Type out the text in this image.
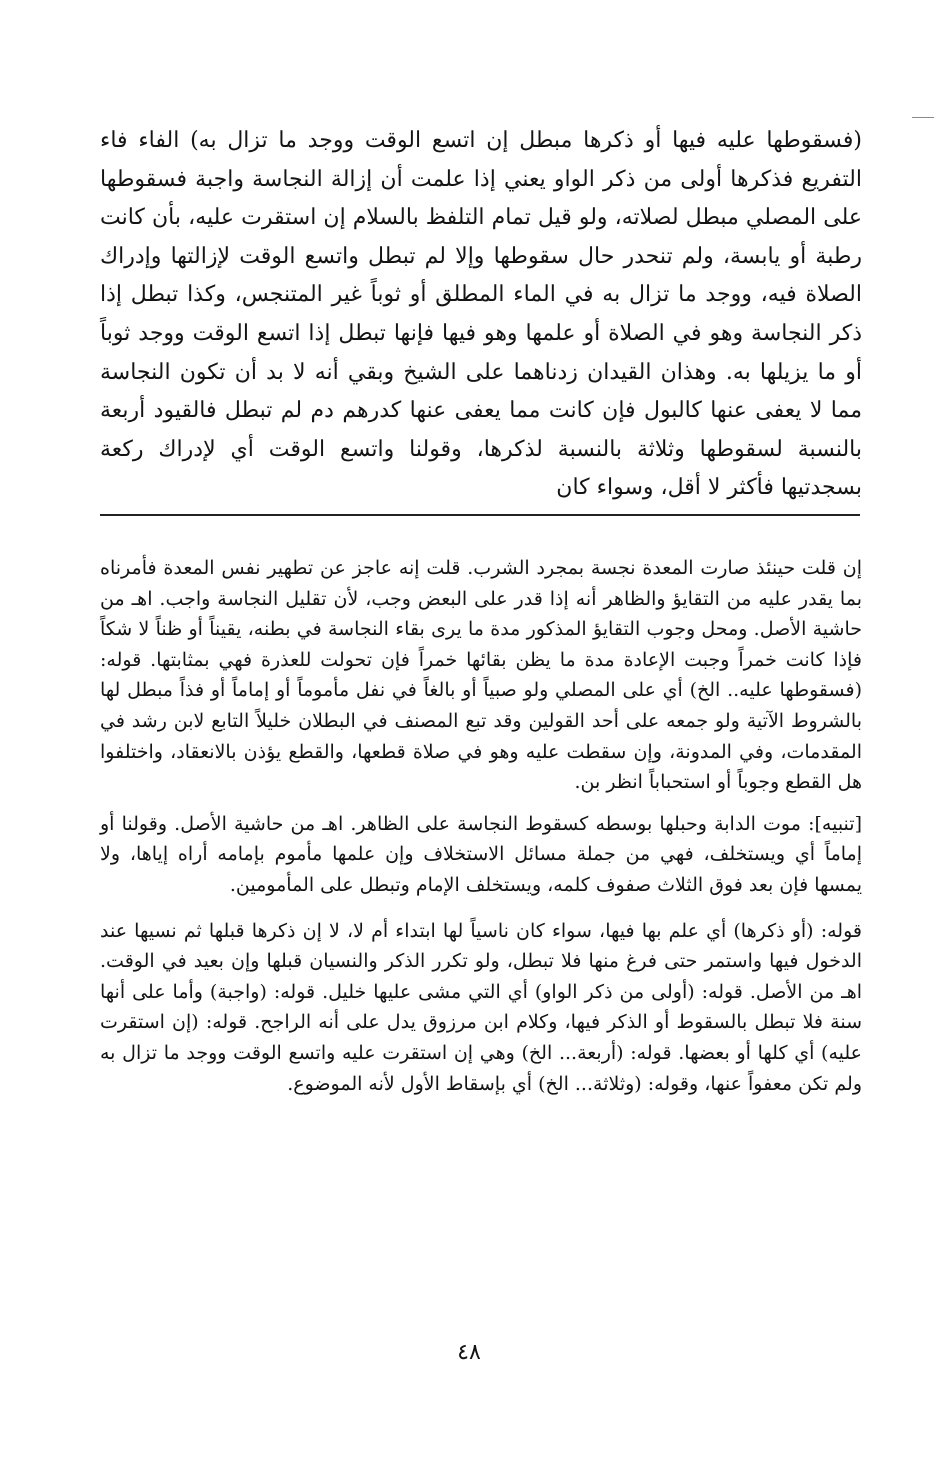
(فسقوطها عليه فيها أو ذكرها مبطل إن اتسع الوقت ووجد ما تزال به) الفاء فاء التفريع فذكرها أولى من ذكر الواو يعني إذا علمت أن إزالة النجاسة واجبة فسقوطها على المصلي مبطل لصلاته، ولو قيل تمام التلفظ بالسلام إن استقرت عليه، بأن كانت رطبة أو يابسة، ولم تنحدر حال سقوطها وإلا لم تبطل واتسع الوقت لإزالتها وإدراك الصلاة فيه، ووجد ما تزال به في الماء المطلق أو ثوباً غير المتنجس، وكذا تبطل إذا ذكر النجاسة وهو في الصلاة أو علمها وهو فيها فإنها تبطل إذا اتسع الوقت ووجد ثوباً أو ما يزيلها به. وهذان القيدان زدناهما على الشيخ وبقي أنه لا بد أن تكون النجاسة مما لا يعفى عنها كالبول فإن كانت مما يعفى عنها كدرهم دم لم تبطل فالقيود أربعة بالنسبة لسقوطها وثلاثة بالنسبة لذكرها، وقولنا واتسع الوقت أي لإدراك ركعة بسجدتيها فأكثر لا أقل، وسواء كان

إن قلت حينئذ صارت المعدة نجسة بمجرد الشرب. قلت إنه عاجز عن تطهير نفس المعدة فأمرناه بما يقدر عليه من التقايؤ والظاهر أنه إذا قدر على البعض وجب، لأن تقليل النجاسة واجب. اهـ من حاشية الأصل. ومحل وجوب التقايؤ المذكور مدة ما يرى بقاء النجاسة في بطنه، يقيناً أو ظناً لا شكاً فإذا كانت خمراً وجبت الإعادة مدة ما يظن بقائها خمراً فإن تحولت للعذرة فهي بمثابتها. قوله: (فسقوطها عليه.. الخ) أي على المصلي ولو صبياً أو بالغاً في نفل مأموماً أو إماماً أو فذاً مبطل لها بالشروط الآتية ولو جمعه على أحد القولين وقد تبع المصنف في البطلان خليلاً التابع لابن رشد في المقدمات، وفي المدونة، وإن سقطت عليه وهو في صلاة قطعها، والقطع يؤذن بالانعقاد، واختلفوا هل القطع وجوباً أو استحباباً انظر بن.

[تنبيه]: موت الدابة وحبلها بوسطه كسقوط النجاسة على الظاهر. اهـ من حاشية الأصل. وقولنا أو إماماً أي ويستخلف، فهي من جملة مسائل الاستخلاف وإن علمها مأموم بإمامه أراه إياها، ولا يمسها فإن بعد فوق الثلاث صفوف كلمه، ويستخلف الإمام وتبطل على المأمومين.

قوله: (أو ذكرها) أي علم بها فيها، سواء كان ناسياً لها ابتداء أم لا، لا إن ذكرها قبلها ثم نسيها عند الدخول فيها واستمر حتى فرغ منها فلا تبطل، ولو تكرر الذكر والنسيان قبلها وإن بعيد في الوقت. اهـ من الأصل. قوله: (أولى من ذكر الواو) أي التي مشى عليها خليل. قوله: (واجبة) وأما على أنها سنة فلا تبطل بالسقوط أو الذكر فيها، وكلام ابن مرزوق يدل على أنه الراجح. قوله: (إن استقرت عليه) أي كلها أو بعضها. قوله: (أربعة... الخ) وهي إن استقرت عليه واتسع الوقت ووجد ما تزال به ولم تكن معفواً عنها، وقوله: (وثلاثة... الخ) أي بإسقاط الأول لأنه الموضوع.

٤٨
